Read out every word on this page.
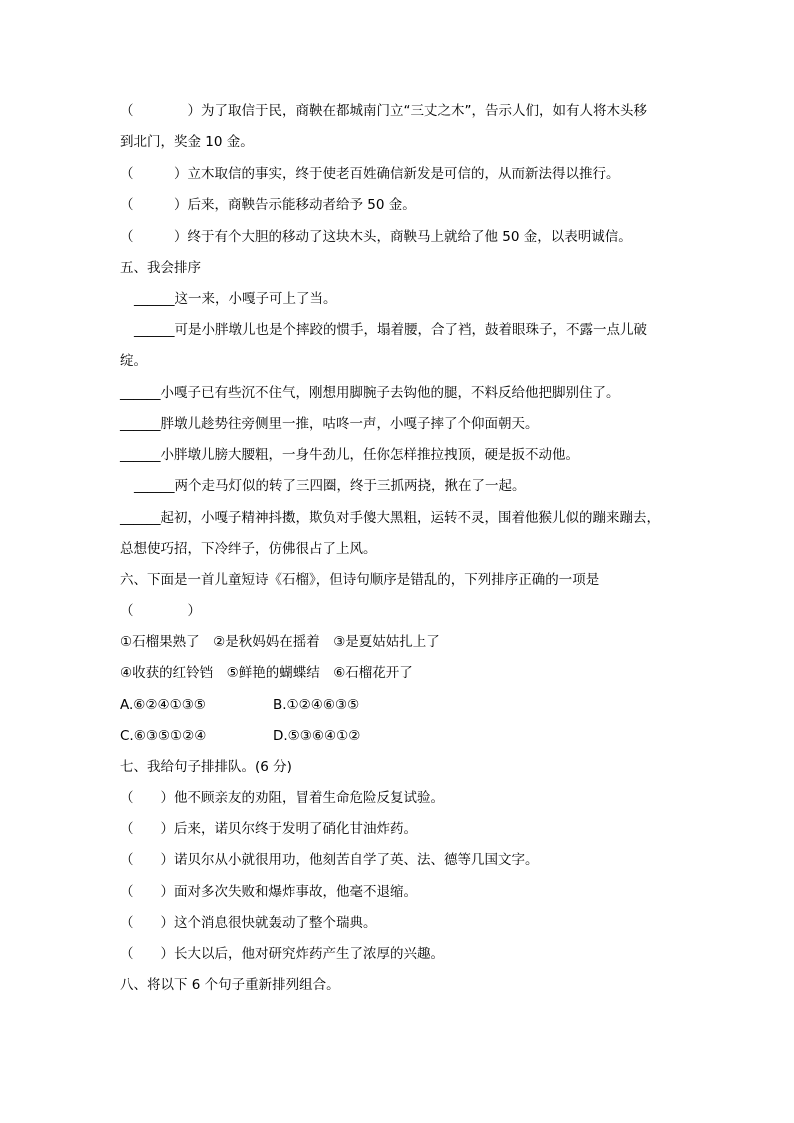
（　　　　）为了取信于民，商鞅在都城南门立“三丈之木”，告示人们，如有人将木头移
到北门，奖金 10 金。
（　　　）立木取信的事实，终于使老百姓确信新发是可信的，从而新法得以推行。
（　　　）后来，商鞅告示能移动者给予 50 金。
（　　　）终于有个大胆的移动了这块木头，商鞅马上就给了他 50 金，以表明诚信。
五、我会排序
______这一来，小嘎子可上了当。
______可是小胖墩儿也是个摔跤的惯手，塌着腰，合了裆，鼓着眼珠子，不露一点儿破
绽。
______小嘎子已有些沉不住气，刚想用脚腕子去钩他的腿，不料反给他把脚别住了。
______胖墩儿趁势往旁侧里一推，咕咚一声，小嘎子摔了个仰面朝天。
______小胖墩儿膀大腰粗，一身牛劲儿，任你怎样推拉拽顶，硬是扳不动他。
______两个走马灯似的转了三四圈，终于三抓两挠，揪在了一起。
______起初，小嘎子精神抖擞，欺负对手傻大黑粗，运转不灵，围着他猴儿似的蹦来蹦去，
总想使巧招，下冷绊子，仿佛很占了上风。
六、下面是一首儿童短诗《石榴》，但诗句顺序是错乱的，下列排序正确的一项是
（　　　　）
①石榴果熟了　②是秋妈妈在摇着　③是夏姑姑扎上了
④收获的红铃铛　⑤鲜艳的蝴蝶结　⑥石榴花开了
A.⑥②④①③⑤	B.①②④⑥③⑤
C.⑥③⑤①②④	D.⑤③⑥④①②
七、我给句子排排队。(6 分)
（　　）他不顾亲友的劝阻，冒着生命危险反复试验。
（　　）后来，诺贝尔终于发明了硝化甘油炸药。
（　　）诺贝尔从小就很用功，他刻苦自学了英、法、德等几国文字。
（　　）面对多次失败和爆炸事故，他毫不退缩。
（　　）这个消息很快就轰动了整个瑞典。
（　　）长大以后，他对研究炸药产生了浓厚的兴趣。
八、将以下 6 个句子重新排列组合。
